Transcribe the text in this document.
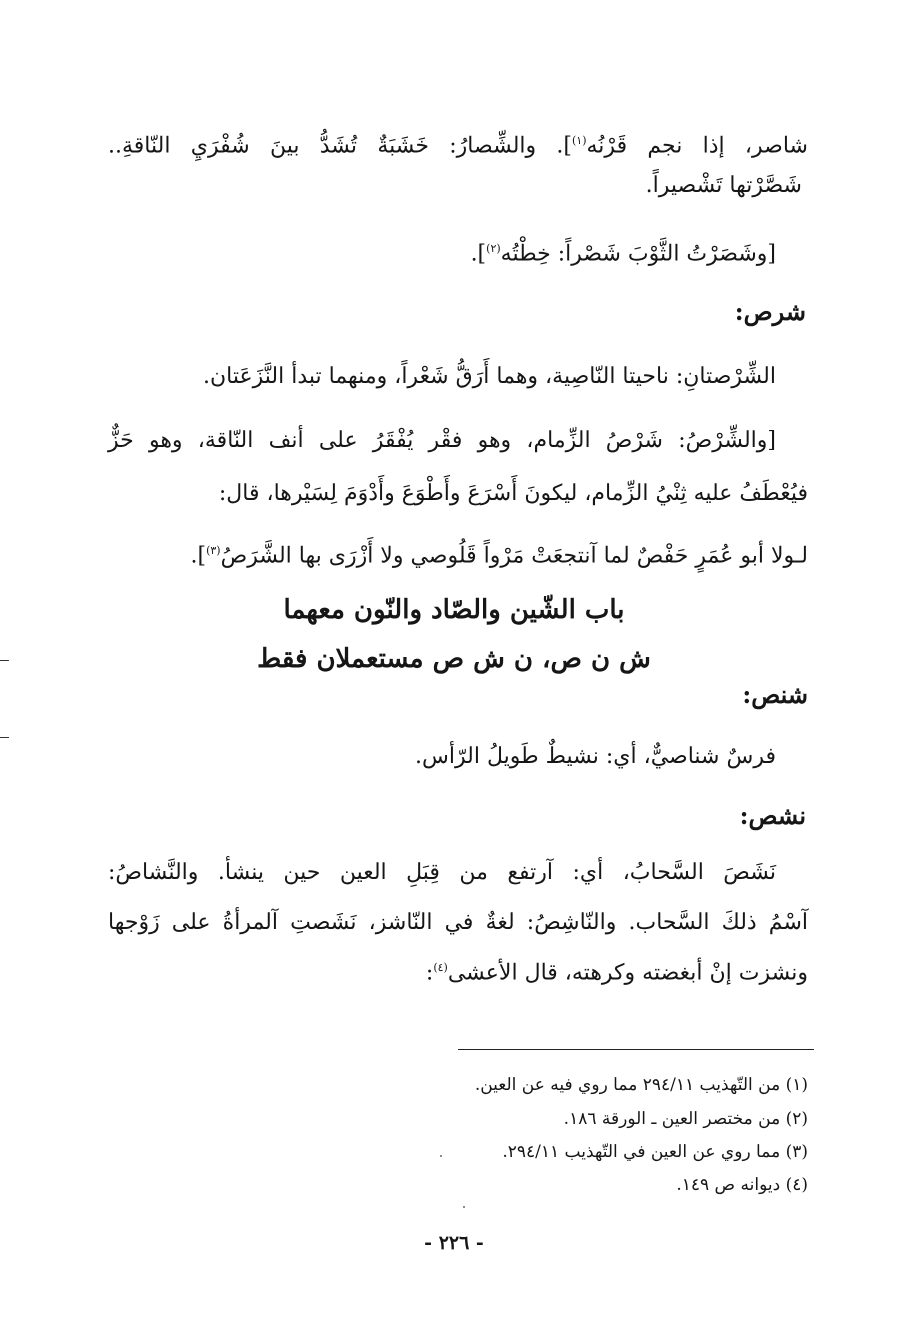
شاصر، إذا نجم قَرْنُه$^{(١)}$]. والشِّصارُ: خَشَبَةٌ تُشَدُّ بينَ شُفْرَيِ النّاقةِ..
شَصَّرْتها تَشْصيراً.
[وشَصَرْتُ الثَّوْبَ شَصْراً: خِطْتُه$^{(٢)}$].
شرص:
الشِّرْصتانِ: ناحيتا النّاصِية، وهما أَرَقُّ شَعْراً، ومنهما تبدأ النَّزَعَتان.
[والشِّرْصُ: شَرْصُ الزِّمام، وهو فقْر يُفْقَرُ على أنف النّاقة، وهو حَزٌّ
فيُعْطَفُ عليه ثِنْيُ الزِّمام، ليكونَ أَسْرَعَ وأَطْوَعَ وأَدْوَمَ لِسَيْرها، قال:
لـولا أبو عُمَرٍ حَفْصٌ لما آنتجعَتْ مَرْواً قَلُوصي ولا أَزْرَى بها الشَّرَصُ$^{(٣)}$].
باب الشّين والصّاد والنّون معهما
ش ن ص، ن ش ص مستعملان فقط
شنص:
فرسٌ شناصيٌّ، أي: نشيطٌ طَويلُ الرّأس.
نشص:
نَشَصَ السَّحابُ، أي: آرتفع من قِبَلِ العين حين ينشأ. والنَّشاصُ:
آسْمُ ذلكَ السَّحاب. والنّاشِصُ: لغةٌ في النّاشز، نَشَصتِ آلمرأةُ على زَوْجها
ونشزت إنْ أبغضته وكرهته، قال الأعشى$^{(٤)}$:
(١) من التّهذيب ٢٩٤/١١ مما روي فيه عن العين.
(٢) من مختصر العين ـ الورقة ١٨٦.
(٣) مما روي عن العين في التّهذيب ٢٩٤/١١.
(٤) ديوانه ص ١٤٩.
- ٢٢٦ -
